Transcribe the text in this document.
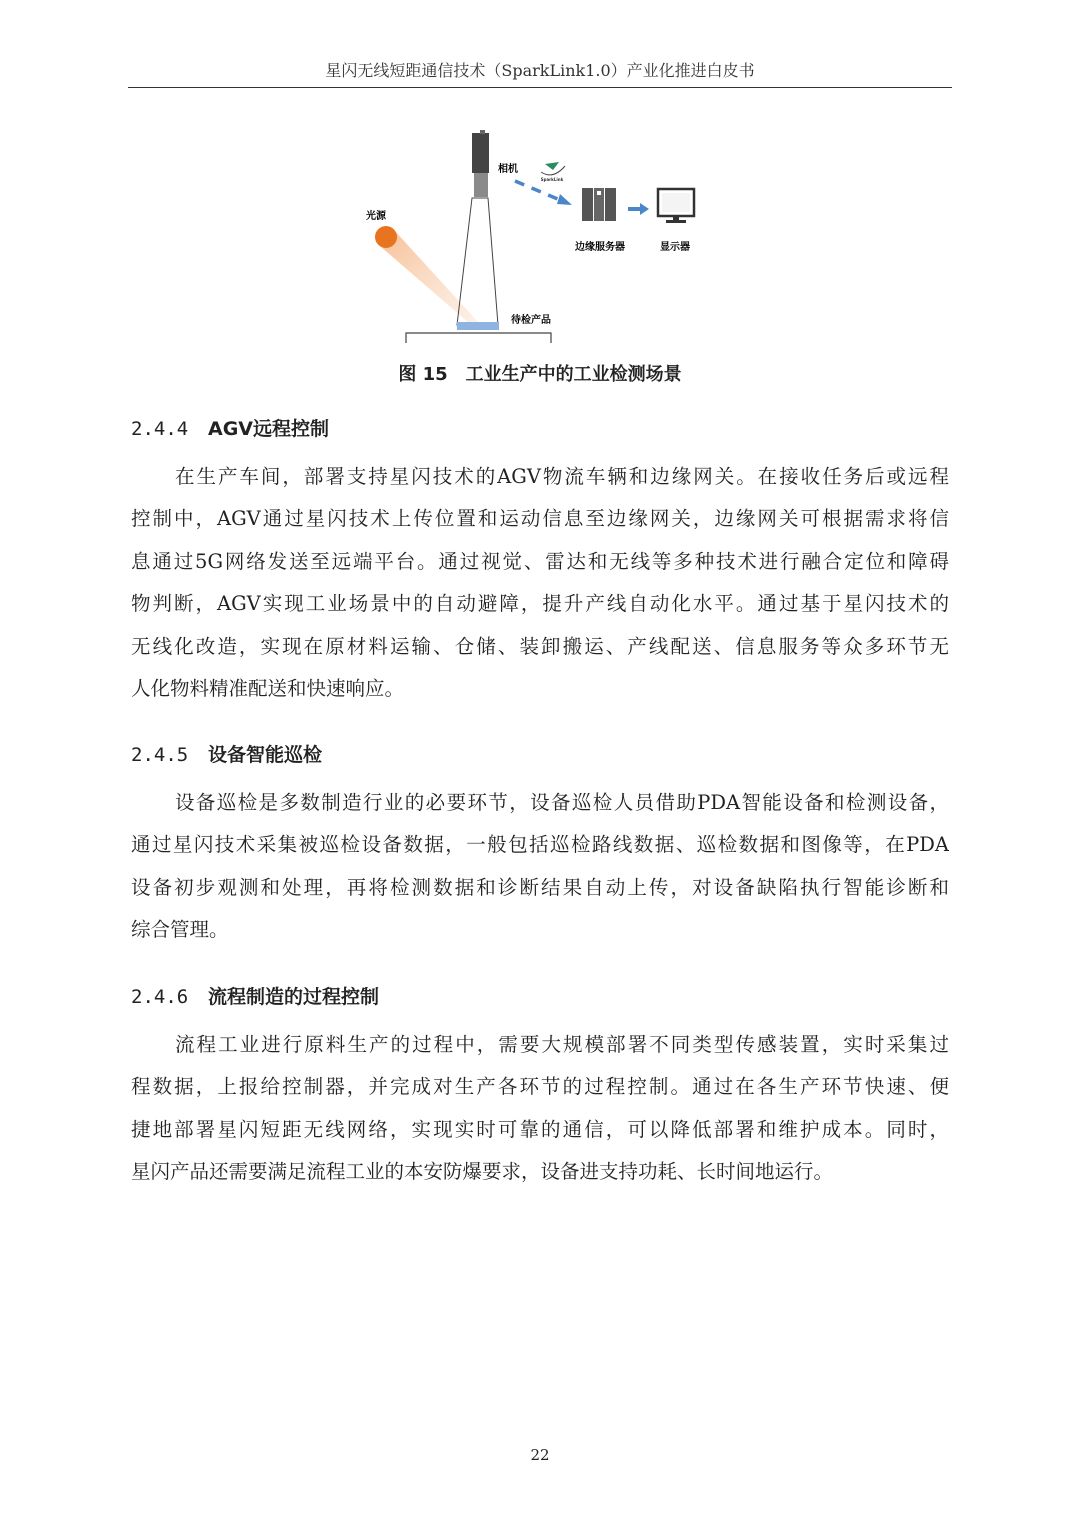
星闪无线短距通信技术（SparkLink1.0）产业化推进白皮书
SparkLink
光源
相机
边缘服务器	显示器
待检产品
图 15　工业生产中的工业检测场景
2.4.4 AGV远程控制
在生产车间，部署支持星闪技术的AGV物流车辆和边缘网关。在接收任务后或远程
控制中，AGV通过星闪技术上传位置和运动信息至边缘网关，边缘网关可根据需求将信
息通过5G网络发送至远端平台。通过视觉、雷达和无线等多种技术进行融合定位和障碍
物判断，AGV实现工业场景中的自动避障，提升产线自动化水平。通过基于星闪技术的
无线化改造，实现在原材料运输、仓储、装卸搬运、产线配送、信息服务等众多环节无
人化物料精准配送和快速响应。
2.4.5 设备智能巡检
设备巡检是多数制造行业的必要环节，设备巡检人员借助PDA智能设备和检测设备，
通过星闪技术采集被巡检设备数据，一般包括巡检路线数据、巡检数据和图像等，在PDA
设备初步观测和处理，再将检测数据和诊断结果自动上传，对设备缺陷执行智能诊断和
综合管理。
2.4.6 流程制造的过程控制
流程工业进行原料生产的过程中，需要大规模部署不同类型传感装置，实时采集过
程数据，上报给控制器，并完成对生产各环节的过程控制。通过在各生产环节快速、便
捷地部署星闪短距无线网络，实现实时可靠的通信，可以降低部署和维护成本。同时，
星闪产品还需要满足流程工业的本安防爆要求，设备进支持功耗、长时间地运行。
22
